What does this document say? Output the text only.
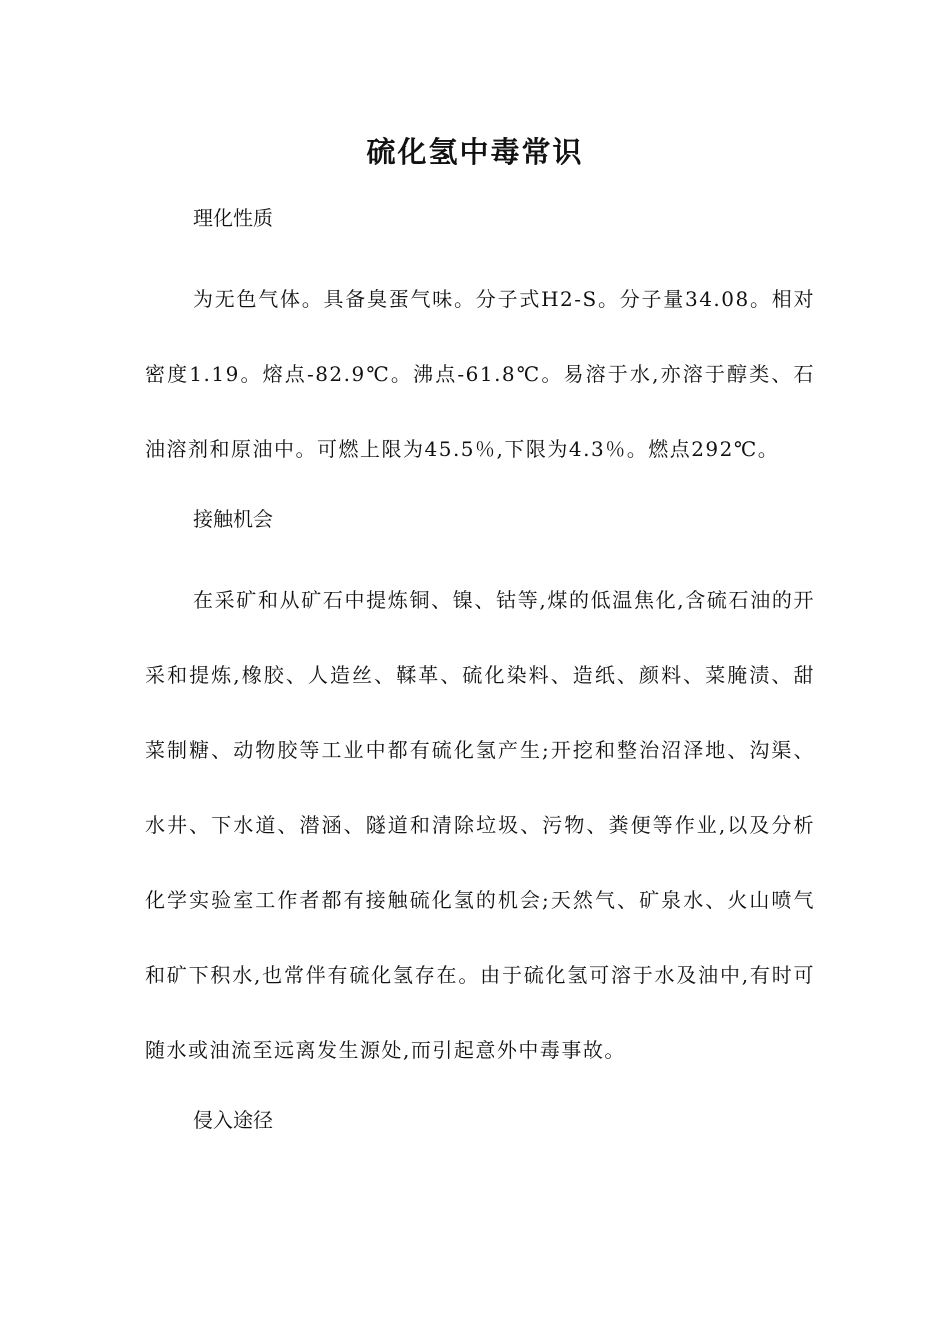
硫化氢中毒常识

理化性质

为无色气体。具备臭蛋气味。分子式H2-S。分子量34.08。相对密度1.19。熔点-82.9℃。沸点-61.8℃。易溶于水,亦溶于醇类、石油溶剂和原油中。可燃上限为45.5％,下限为4.3％。燃点292℃。

接触机会

在采矿和从矿石中提炼铜、镍、钴等,煤的低温焦化,含硫石油的开采和提炼,橡胶、人造丝、鞣革、硫化染料、造纸、颜料、菜腌渍、甜菜制糖、动物胶等工业中都有硫化氢产生;开挖和整治沼泽地、沟渠、水井、下水道、潜涵、隧道和清除垃圾、污物、粪便等作业,以及分析化学实验室工作者都有接触硫化氢的机会;天然气、矿泉水、火山喷气和矿下积水,也常伴有硫化氢存在。由于硫化氢可溶于水及油中,有时可随水或油流至远离发生源处,而引起意外中毒事故。

侵入途径
